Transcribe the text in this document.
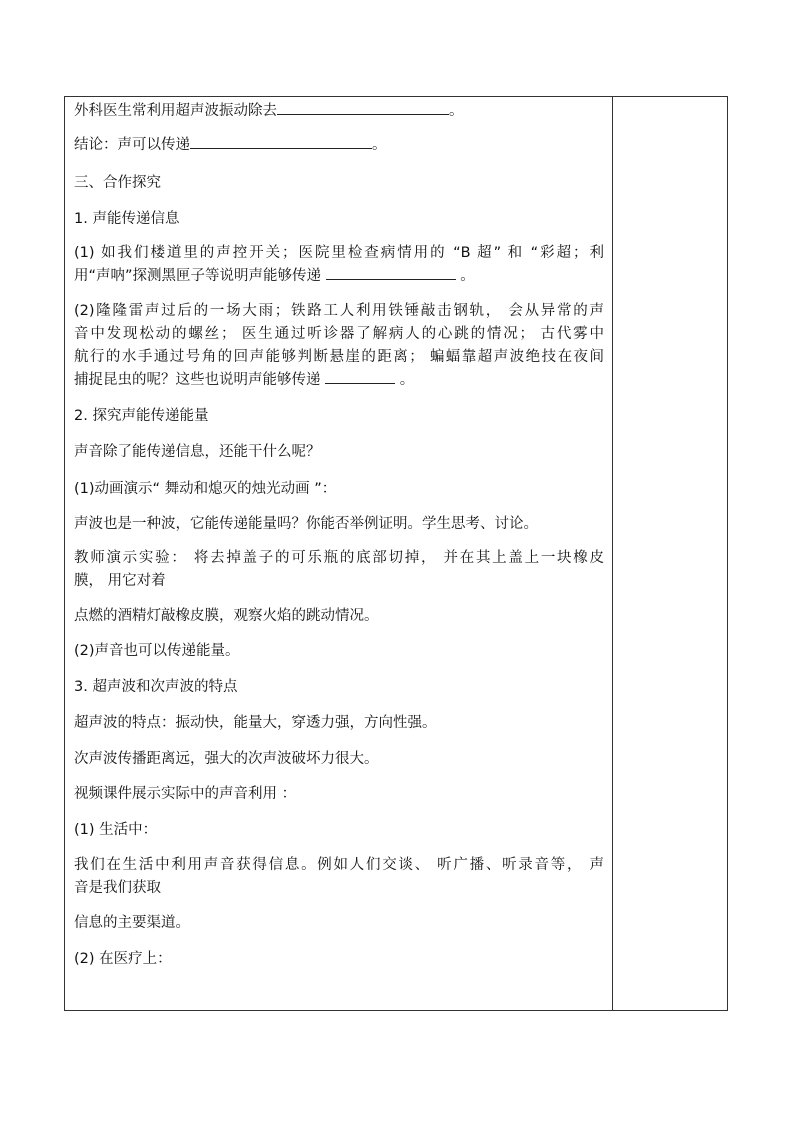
外科医生常利用超声波振动除去	。
结论：声可以传递	。
三、合作探究
1. 声能传递信息
(1) 如我们楼道里的声控开关；医院里检查病情用的 “B 超” 和 “彩超；利
用“声呐”探测黑匣子等说明声能够传递	。
(2)隆隆雷声过后的一场大雨；铁路工人利用铁锤敲击钢轨， 会从异常的声
音中发现松动的螺丝； 医生通过听诊器了解病人的心跳的情况； 古代雾中
航行的水手通过号角的回声能够判断悬崖的距离； 蝙蝠靠超声波绝技在夜间
捕捉昆虫的呢？这些也说明声能够传递	。
2. 探究声能传递能量
声音除了能传递信息，还能干什么呢？
(1)动画演示“ 舞动和熄灭的烛光动画 ”：
声波也是一种波，它能传递能量吗？你能否举例证明。学生思考、讨论。
教师演示实验： 将去掉盖子的可乐瓶的底部切掉， 并在其上盖上一块橡皮
膜， 用它对着
点燃的酒精灯敲橡皮膜，观察火焰的跳动情况。
(2)声音也可以传递能量。
3. 超声波和次声波的特点
超声波的特点：振动快，能量大，穿透力强，方向性强。
次声波传播距离远，强大的次声波破坏力很大。
视频课件展示实际中的声音利用 ：
(1) 生活中：
我们在生活中利用声音获得信息。例如人们交谈、 听广播、听录音等， 声
音是我们获取
信息的主要渠道。
(2) 在医疗上：
